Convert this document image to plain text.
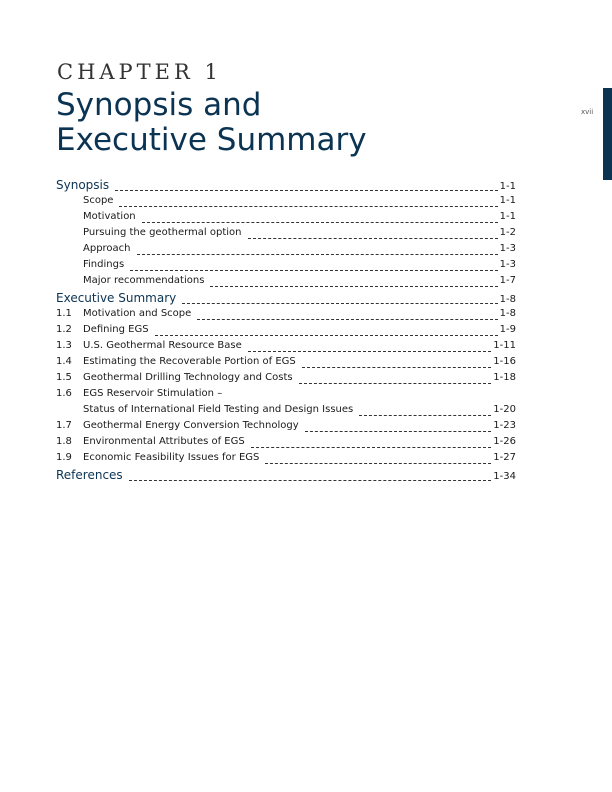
CHAPTER 1
Synopsis and
Executive Summary
xvii
Synopsis	1-1
Scope	1-1
Motivation	1-1
Pursuing the geothermal option	1-2
Approach	1-3
Findings	1-3
Major recommendations	1-7
Executive Summary	1-8
1.1	Motivation and Scope	1-8
1.2	Defining EGS	1-9
1.3	U.S. Geothermal Resource Base	1-11
1.4	Estimating the Recoverable Portion of EGS	1-16
1.5	Geothermal Drilling Technology and Costs	1-18
1.6	EGS Reservoir Stimulation –
Status of International Field Testing and Design Issues	1-20
1.7	Geothermal Energy Conversion Technology	1-23
1.8	Environmental Attributes of EGS	1-26
1.9	Economic Feasibility Issues for EGS	1-27
References	1-34
